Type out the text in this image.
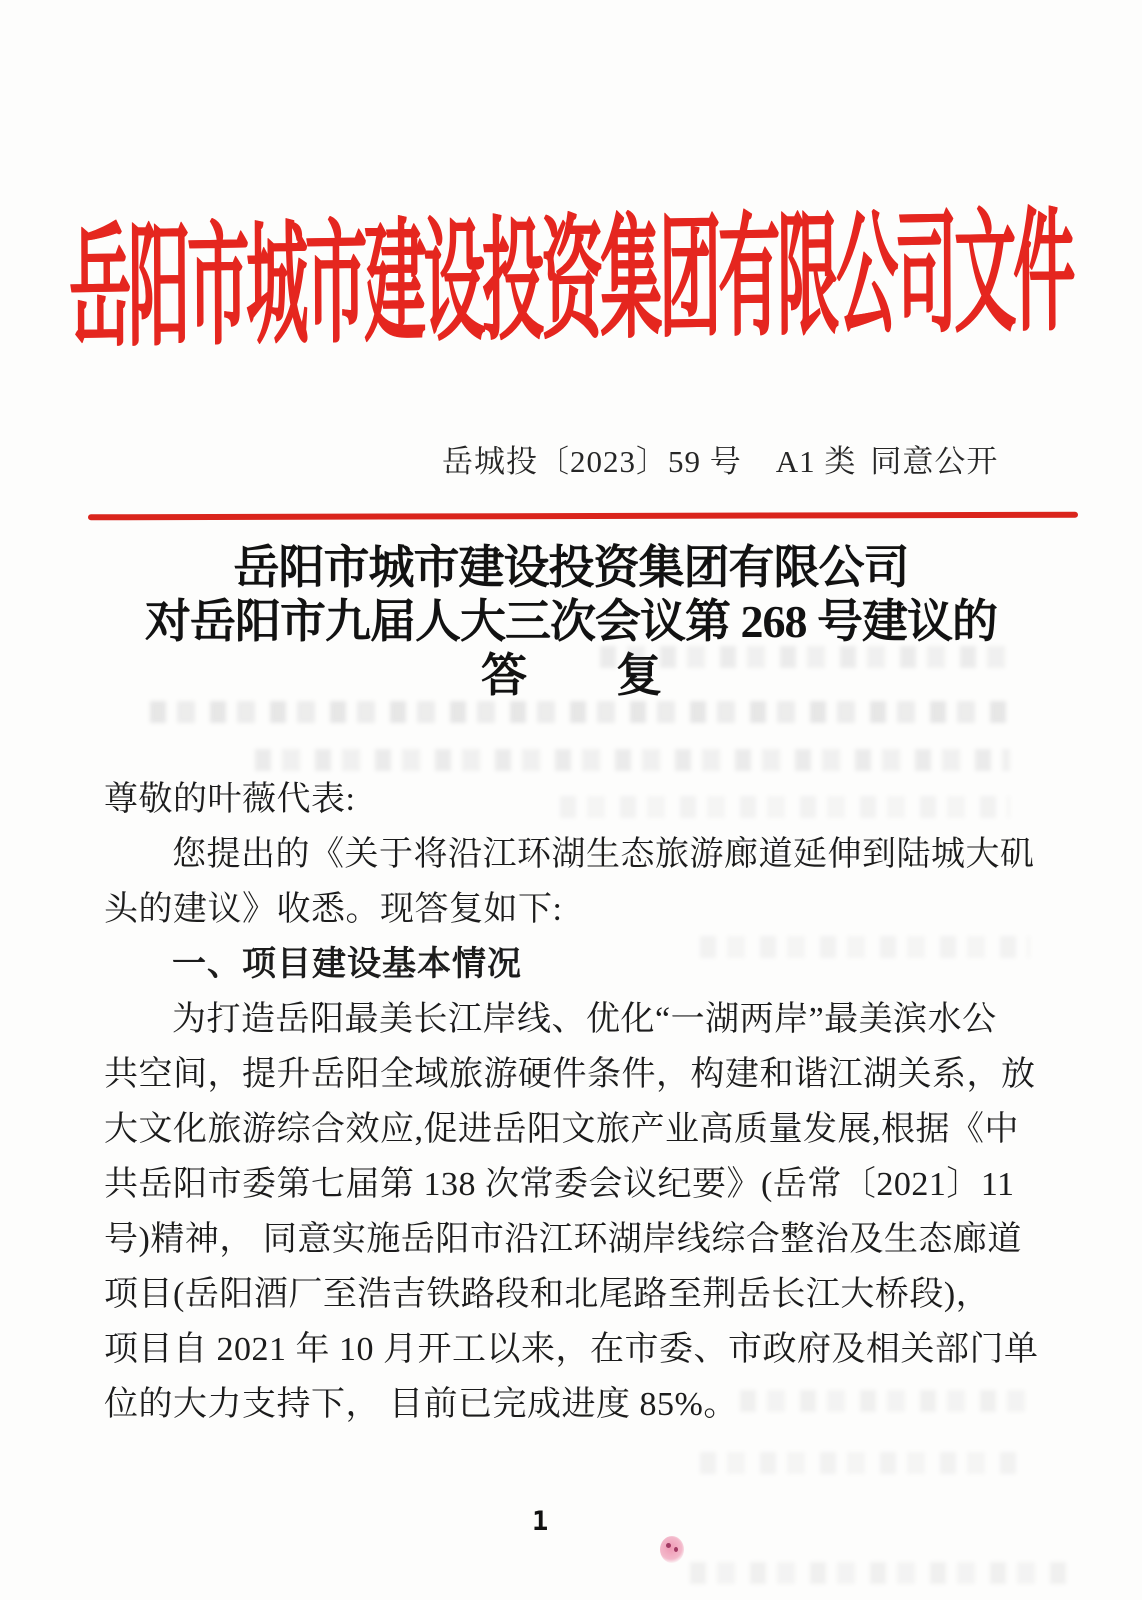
岳阳市城市建设投资集团有限公司文件
岳城投〔2023〕59 号 A1 类 同意公开
岳阳市城市建设投资集团有限公司
对岳阳市九届人大三次会议第 268 号建议的
答　　复
尊敬的叶薇代表:
您提出的《关于将沿江环湖生态旅游廊道延伸到陆城大矶
头的建议》收悉。现答复如下:
一、项目建设基本情况
为打造岳阳最美长江岸线、优化“一湖两岸”最美滨水公
共空间，提升岳阳全域旅游硬件条件，构建和谐江湖关系，放
大文化旅游综合效应,促进岳阳文旅产业高质量发展,根据《中
共岳阳市委第七届第 138 次常委会议纪要》(岳常〔2021〕11
号)精神， 同意实施岳阳市沿江环湖岸线综合整治及生态廊道
项目(岳阳酒厂至浩吉铁路段和北尾路至荆岳长江大桥段)，
项目自 2021 年 10 月开工以来，在市委、市政府及相关部门单
位的大力支持下， 目前已完成进度 85%。
1
